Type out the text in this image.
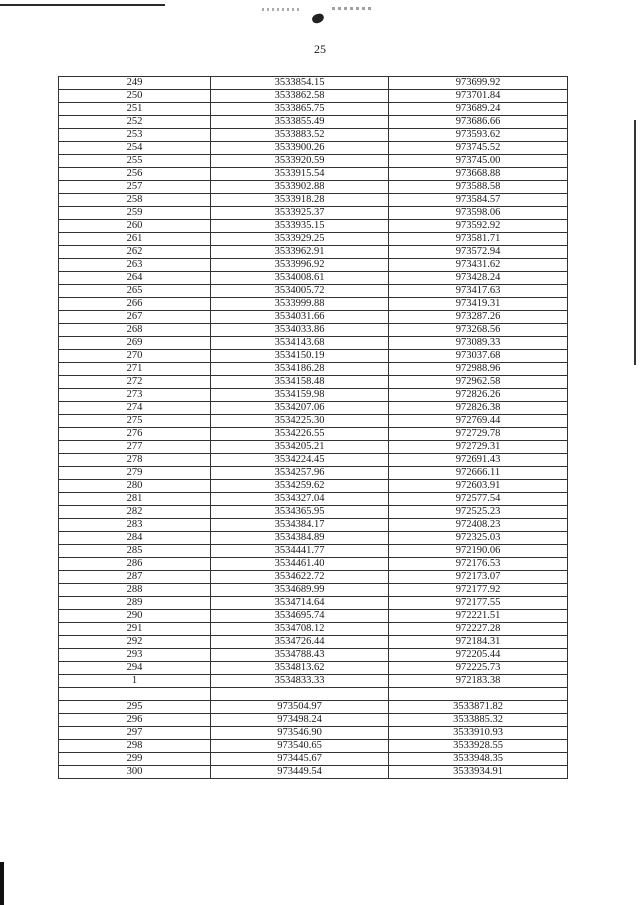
25
249	3533854.15	973699.92
250	3533862.58	973701.84
251	3533865.75	973689.24
252	3533855.49	973686.66
253	3533883.52	973593.62
254	3533900.26	973745.52
255	3533920.59	973745.00
256	3533915.54	973668.88
257	3533902.88	973588.58
258	3533918.28	973584.57
259	3533925.37	973598.06
260	3533935.15	973592.92
261	3533929.25	973581.71
262	3533962.91	973572.94
263	3533996.92	973431.62
264	3534008.61	973428.24
265	3534005.72	973417.63
266	3533999.88	973419.31
267	3534031.66	973287.26
268	3534033.86	973268.56
269	3534143.68	973089.33
270	3534150.19	973037.68
271	3534186.28	972988.96
272	3534158.48	972962.58
273	3534159.98	972826.26
274	3534207.06	972826.38
275	3534225.30	972769.44
276	3534226.55	972729.78
277	3534205.21	972729.31
278	3534224.45	972691.43
279	3534257.96	972666.11
280	3534259.62	972603.91
281	3534327.04	972577.54
282	3534365.95	972525.23
283	3534384.17	972408.23
284	3534384.89	972325.03
285	3534441.77	972190.06
286	3534461.40	972176.53
287	3534622.72	972173.07
288	3534689.99	972177.92
289	3534714.64	972177.55
290	3534695.74	972221.51
291	3534708.12	972227.28
292	3534726.44	972184.31
293	3534788.43	972205.44
294	3534813.62	972225.73
1	3534833.33	972183.38

295	973504.97	3533871.82
296	973498.24	3533885.32
297	973546.90	3533910.93
298	973540.65	3533928.55
299	973445.67	3533948.35
300	973449.54	3533934.91
